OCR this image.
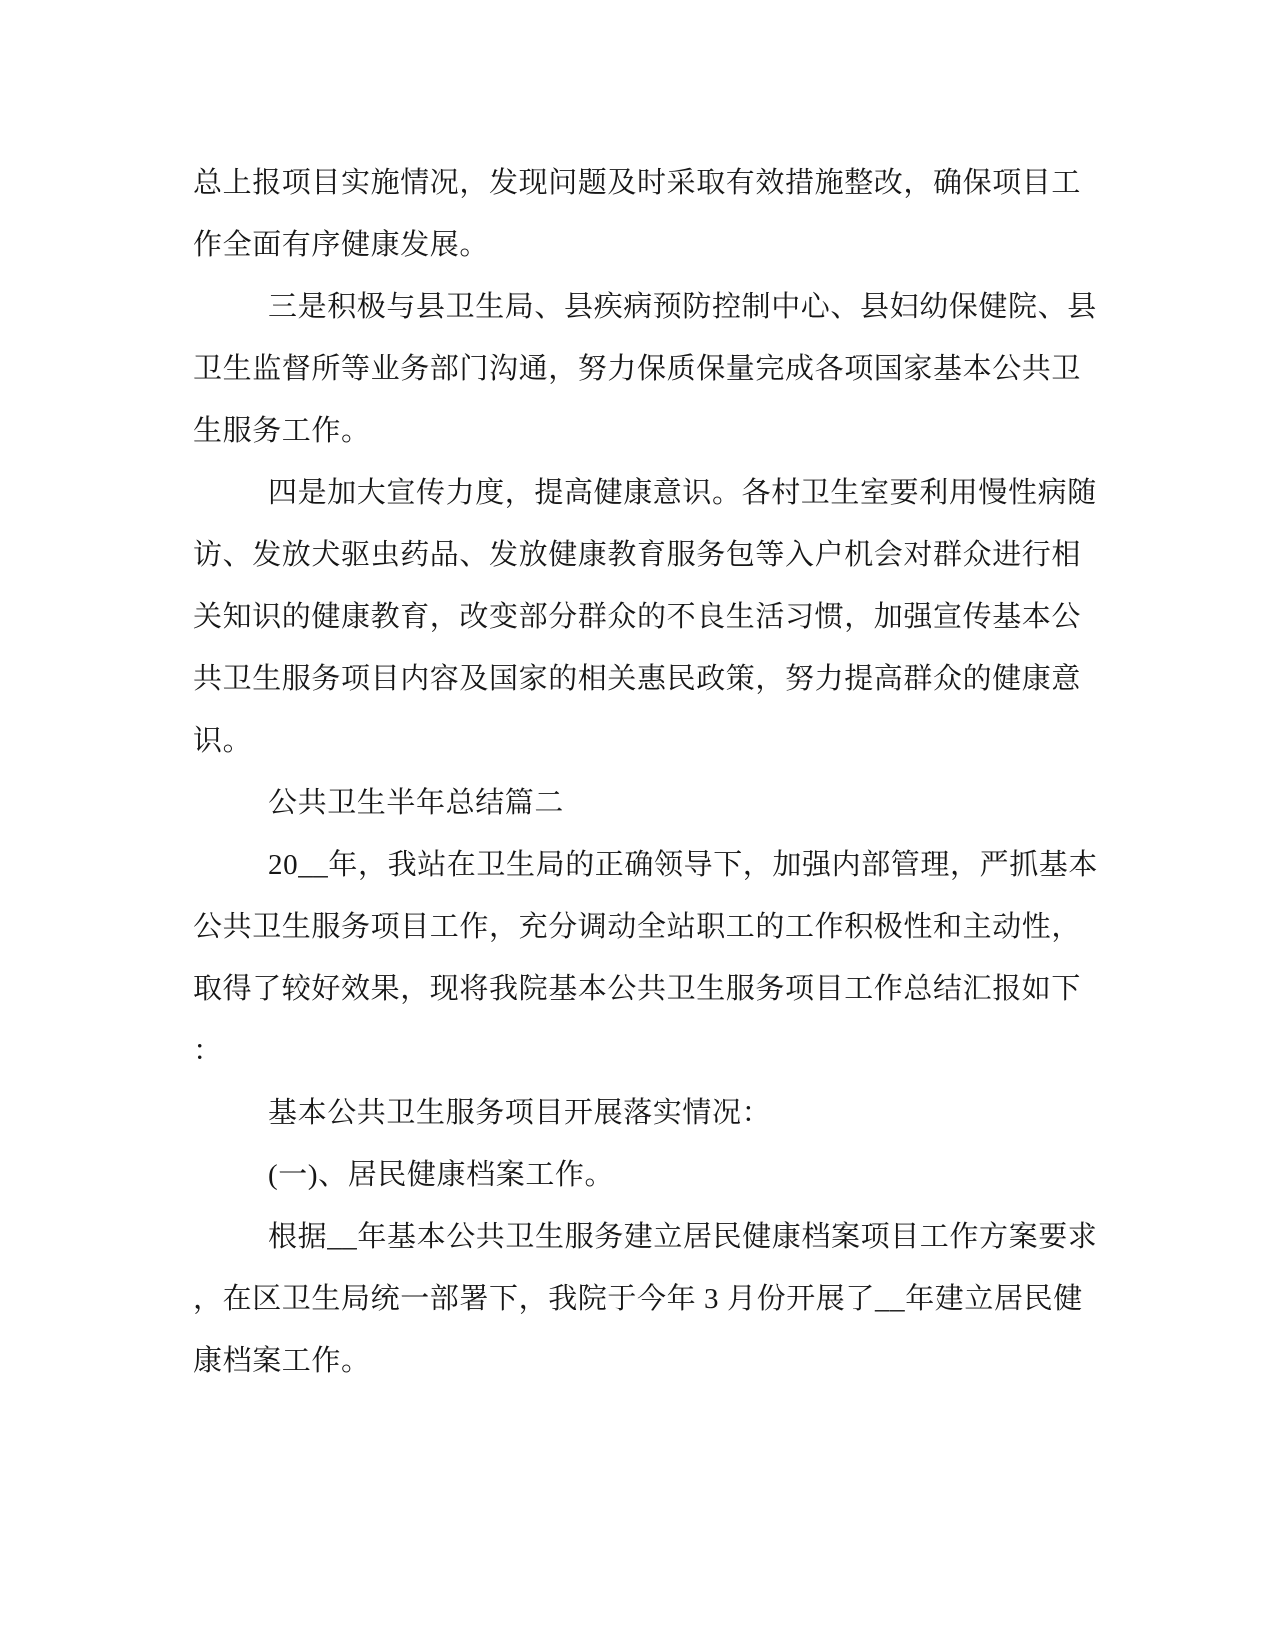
总上报项目实施情况，发现问题及时采取有效措施整改，确保项目工
作全面有序健康发展。
三是积极与县卫生局、县疾病预防控制中心、县妇幼保健院、县
卫生监督所等业务部门沟通，努力保质保量完成各项国家基本公共卫
生服务工作。
四是加大宣传力度，提高健康意识。各村卫生室要利用慢性病随
访、发放犬驱虫药品、发放健康教育服务包等入户机会对群众进行相
关知识的健康教育，改变部分群众的不良生活习惯，加强宣传基本公
共卫生服务项目内容及国家的相关惠民政策，努力提高群众的健康意
识。
公共卫生半年总结篇二
20__年，我站在卫生局的正确领导下，加强内部管理，严抓基本
公共卫生服务项目工作，充分调动全站职工的工作积极性和主动性，
取得了较好效果，现将我院基本公共卫生服务项目工作总结汇报如下
：
基本公共卫生服务项目开展落实情况：
(一)、居民健康档案工作。
根据__年基本公共卫生服务建立居民健康档案项目工作方案要求
，在区卫生局统一部署下，我院于今年 3 月份开展了__年建立居民健
康档案工作。
